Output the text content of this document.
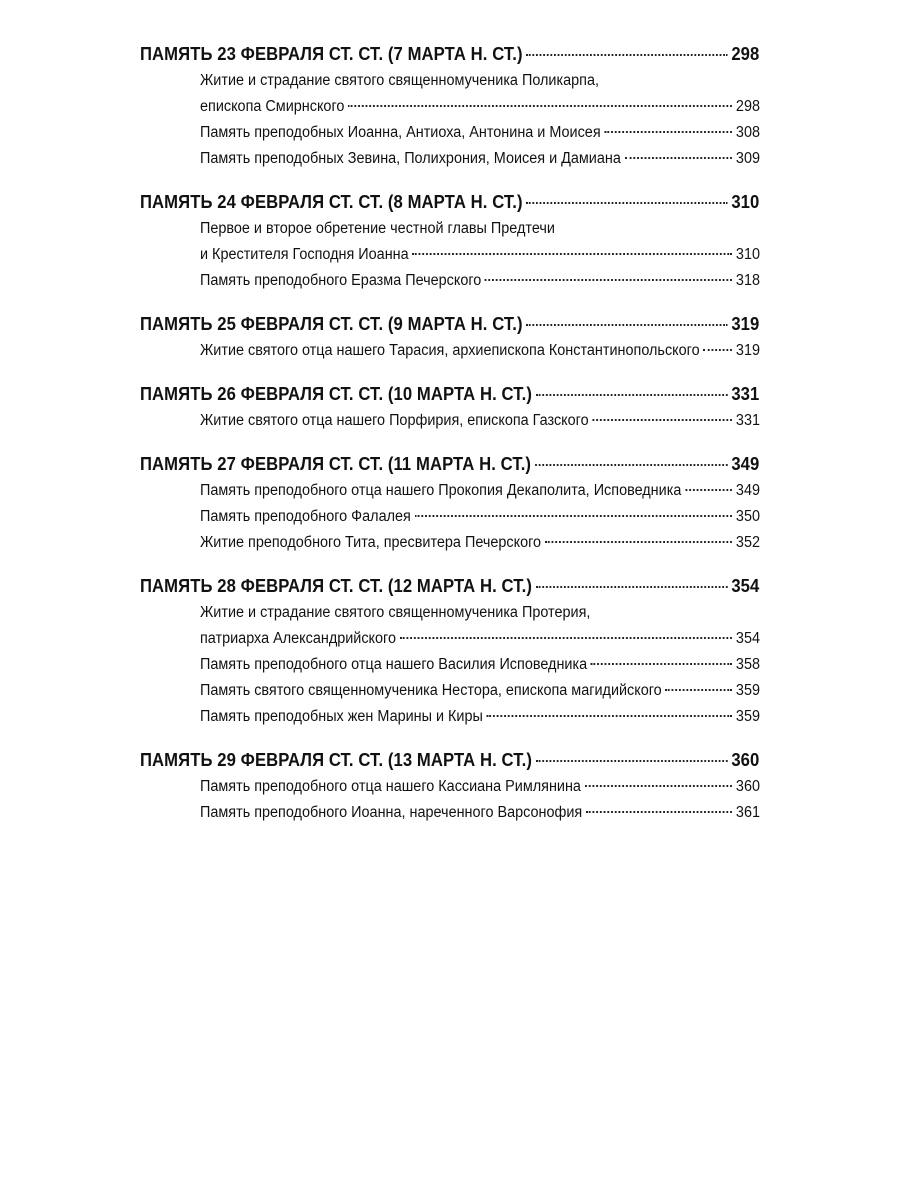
ПАМЯТЬ 23 ФЕВРАЛЯ СТ. СТ. (7 МАРТА Н. СТ.)	298
Житие и страдание святого священномученика Поликарпа,
епископа Смирнского	298
Память преподобных Иоанна, Антиоха, Антонина и Моисея	308
Память преподобных Зевина, Полихрония, Моисея и Дамиана	309
ПАМЯТЬ 24 ФЕВРАЛЯ СТ. СТ. (8 МАРТА Н. СТ.)	310
Первое и второе обретение честной главы Предтечи
и Крестителя Господня Иоанна	310
Память преподобного Еразма Печерского	318
ПАМЯТЬ 25 ФЕВРАЛЯ СТ. СТ. (9 МАРТА Н. СТ.)	319
Житие святого отца нашего Тарасия, архиепископа Константинопольского 319
ПАМЯТЬ 26 ФЕВРАЛЯ СТ. СТ. (10 МАРТА Н. СТ.)	331
Житие святого отца нашего Порфирия, епископа Газского	331
ПАМЯТЬ 27 ФЕВРАЛЯ СТ. СТ. (11 МАРТА Н. СТ.)	349
Память преподобного отца нашего Прокопия Декаполита, Исповедника	349
Память преподобного Фалалея	350
Житие преподобного Тита, пресвитера Печерского	352
ПАМЯТЬ 28 ФЕВРАЛЯ СТ. СТ. (12 МАРТА Н. СТ.)	354
Житие и страдание святого священномученика Протерия,
патриарха Александрийского	354
Память преподобного отца нашего Василия Исповедника	358
Память святого священномученика Нестора, епископа магидийского	359
Память преподобных жен Марины и Киры	359
ПАМЯТЬ 29 ФЕВРАЛЯ СТ. СТ. (13 МАРТА Н. СТ.)	360
Память преподобного отца нашего Кассиана Римлянина	360
Память преподобного Иоанна, нареченного Варсонофия	361
